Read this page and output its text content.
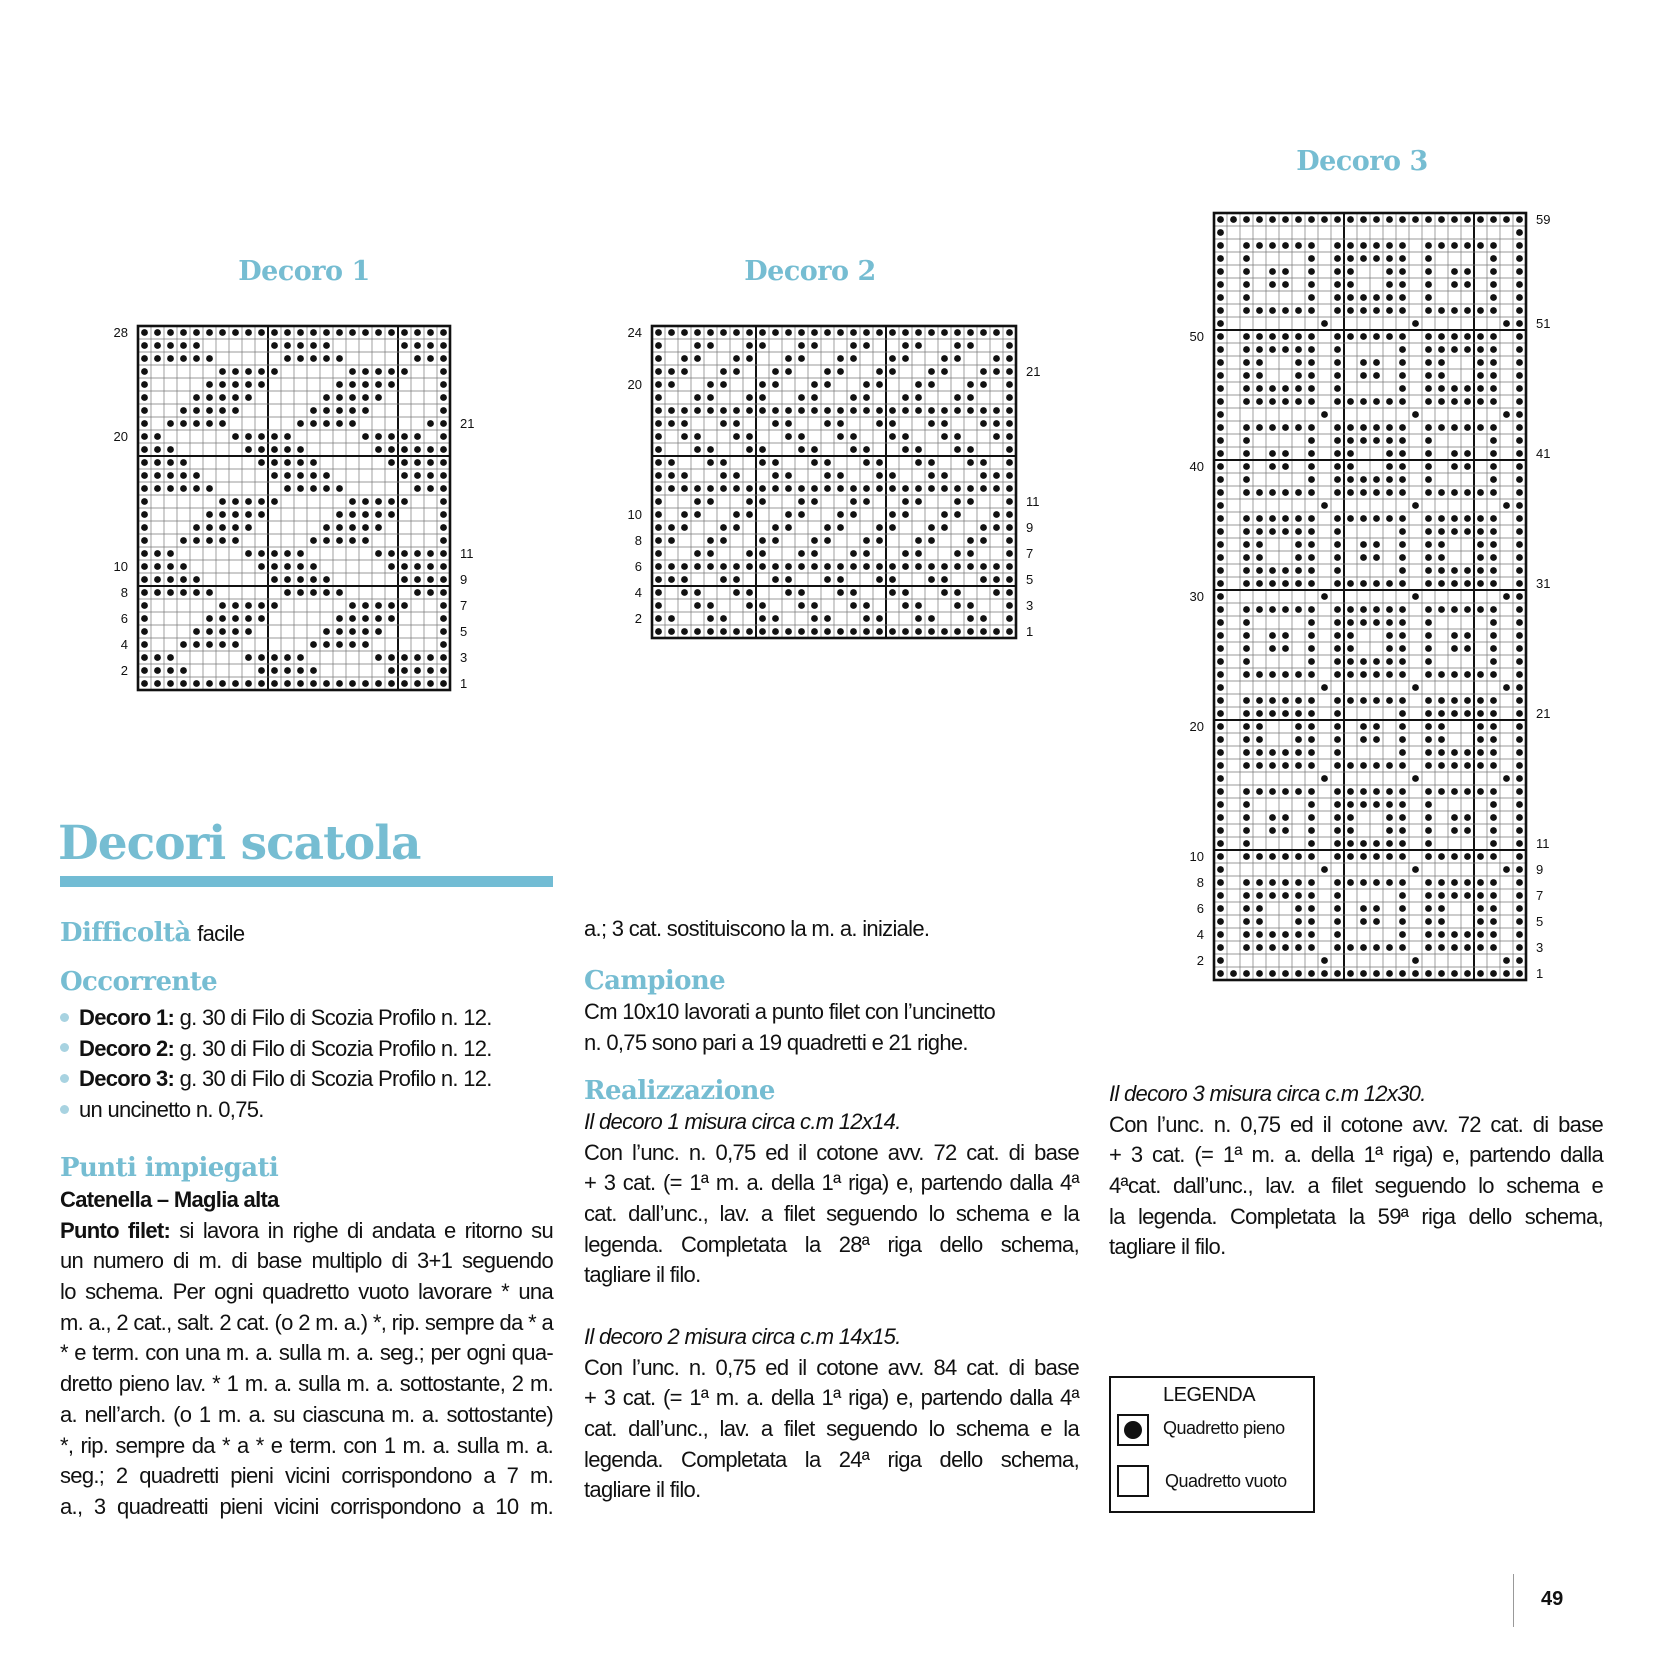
Decoro 1	Decoro 2
Decoro 3
28
20
10
8
6
4
2
21
11
9
7
5
3
1
24
20
10
8
6
4
2
21
11
9
7
5
3
1
50
40
30
20
10
8
6
4
2
59
51
41
31
21
11
9
7
5
3
1
Decori scatola
Difficoltà facile
Occorrente
Decoro 1: g. 30 di Filo di Scozia Profilo n. 12.
Decoro 2: g. 30 di Filo di Scozia Profilo n. 12.
Decoro 3: g. 30 di Filo di Scozia Profilo n. 12.
un uncinetto n. 0,75.
Punti impiegati
Catenella – Maglia alta
Punto filet: si lavora in righe di andata e ritorno su
un numero di m. di base multiplo di 3+1 seguendo
lo schema. Per ogni quadretto vuoto lavorare * una
m. a., 2 cat., salt. 2 cat. (o 2 m. a.) *, rip. sempre da * a
* e term. con una m. a. sulla m. a. seg.; per ogni qua-
dretto pieno lav. * 1 m. a. sulla m. a. sottostante, 2 m.
a. nell’arch. (o 1 m. a. su ciascuna m. a. sottostante)
*, rip. sempre da * a * e term. con 1 m. a. sulla m. a.
seg.; 2 quadretti pieni vicini corrispondono a 7 m.
a., 3 quadreatti pieni vicini corrispondono a 10 m.
a.; 3 cat. sostituiscono la m. a. iniziale.
Campione
Cm 10x10 lavorati a punto filet con l’uncinetto
n. 0,75 sono pari a 19 quadretti e 21 righe.
Realizzazione
Il decoro 1 misura circa c.m 12x14.
Con l’unc. n. 0,75 ed il cotone avv. 72 cat. di base
+ 3 cat. (= 1ª m. a. della 1ª riga) e, partendo dalla 4ª
cat. dall’unc., lav. a filet seguendo lo schema e la
legenda. Completata la 28ª riga dello schema,
tagliare il filo.
Il decoro 2 misura circa c.m 14x15.
Con l’unc. n. 0,75 ed il cotone avv. 84 cat. di base
+ 3 cat. (= 1ª m. a. della 1ª riga) e, partendo dalla 4ª
cat. dall’unc., lav. a filet seguendo lo schema e la
legenda. Completata la 24ª riga dello schema,
tagliare il filo.
Il decoro 3 misura circa c.m 12x30.
Con l’unc. n. 0,75 ed il cotone avv. 72 cat. di base
+ 3 cat. (= 1ª m. a. della 1ª riga) e, partendo dalla
4ªcat. dall’unc., lav. a filet seguendo lo schema e
la legenda. Completata la 59ª riga dello schema,
tagliare il filo.
LEGENDA
Quadretto pieno
Quadretto vuoto
49
